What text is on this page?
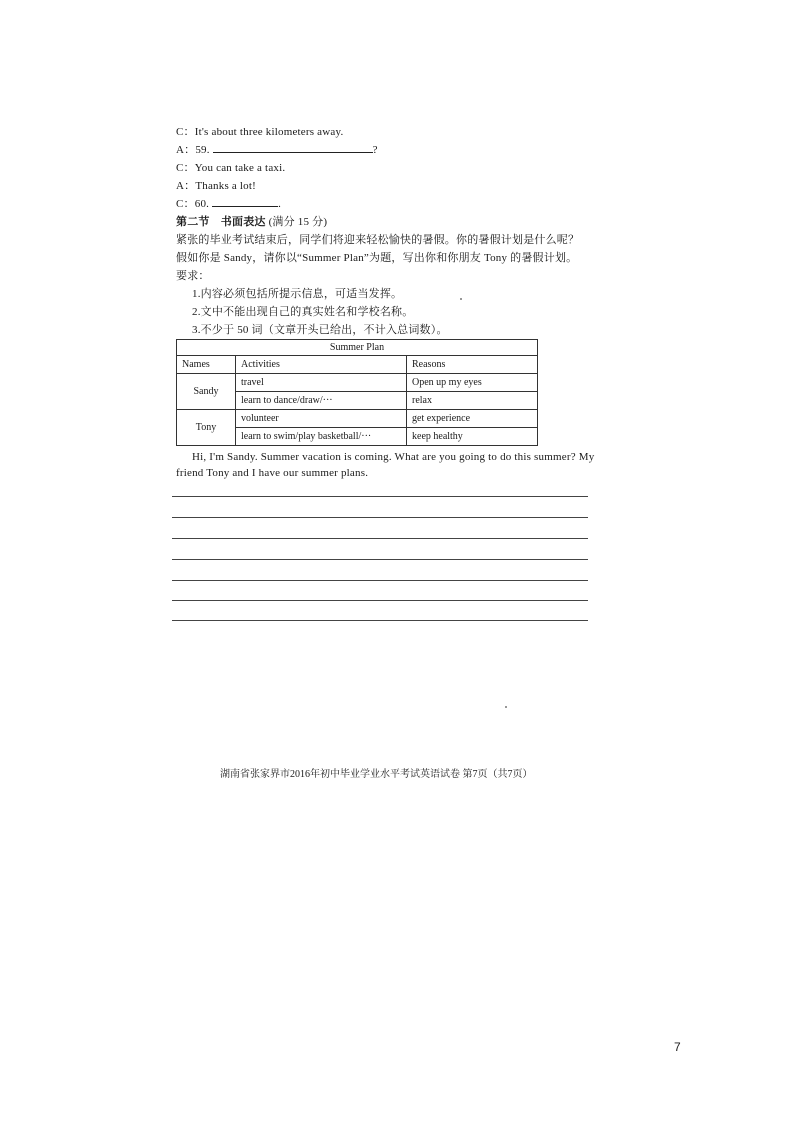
C：It's about three kilometers away.
A：59.	?
C：You can take a taxi.
A：Thanks a lot!
C：60.	.
第二节　书面表达 (满分 15 分)
紧张的毕业考试结束后，同学们将迎来轻松愉快的暑假。你的暑假计划是什么呢？
假如你是 Sandy，请你以“Summer Plan”为题，写出你和你朋友 Tony 的暑假计划。
要求：
1.内容必须包括所提示信息，可适当发挥。
2.文中不能出现自己的真实姓名和学校名称。
3.不少于 50 词（文章开头已给出，不计入总词数）。
Summer Plan		
Names	Activities	Reasons
Sandy	travel	Open up my eyes
	learn to dance/draw/···	relax
Tony	volunteer	get experience
	learn to swim/play basketball/···	keep healthy
Hi, I'm Sandy. Summer vacation is coming. What are you going to do this summer? My
friend Tony and I have our summer plans.
湖南省张家界市2016年初中毕业学业水平考试英语试卷 第7页（共7页）
7
